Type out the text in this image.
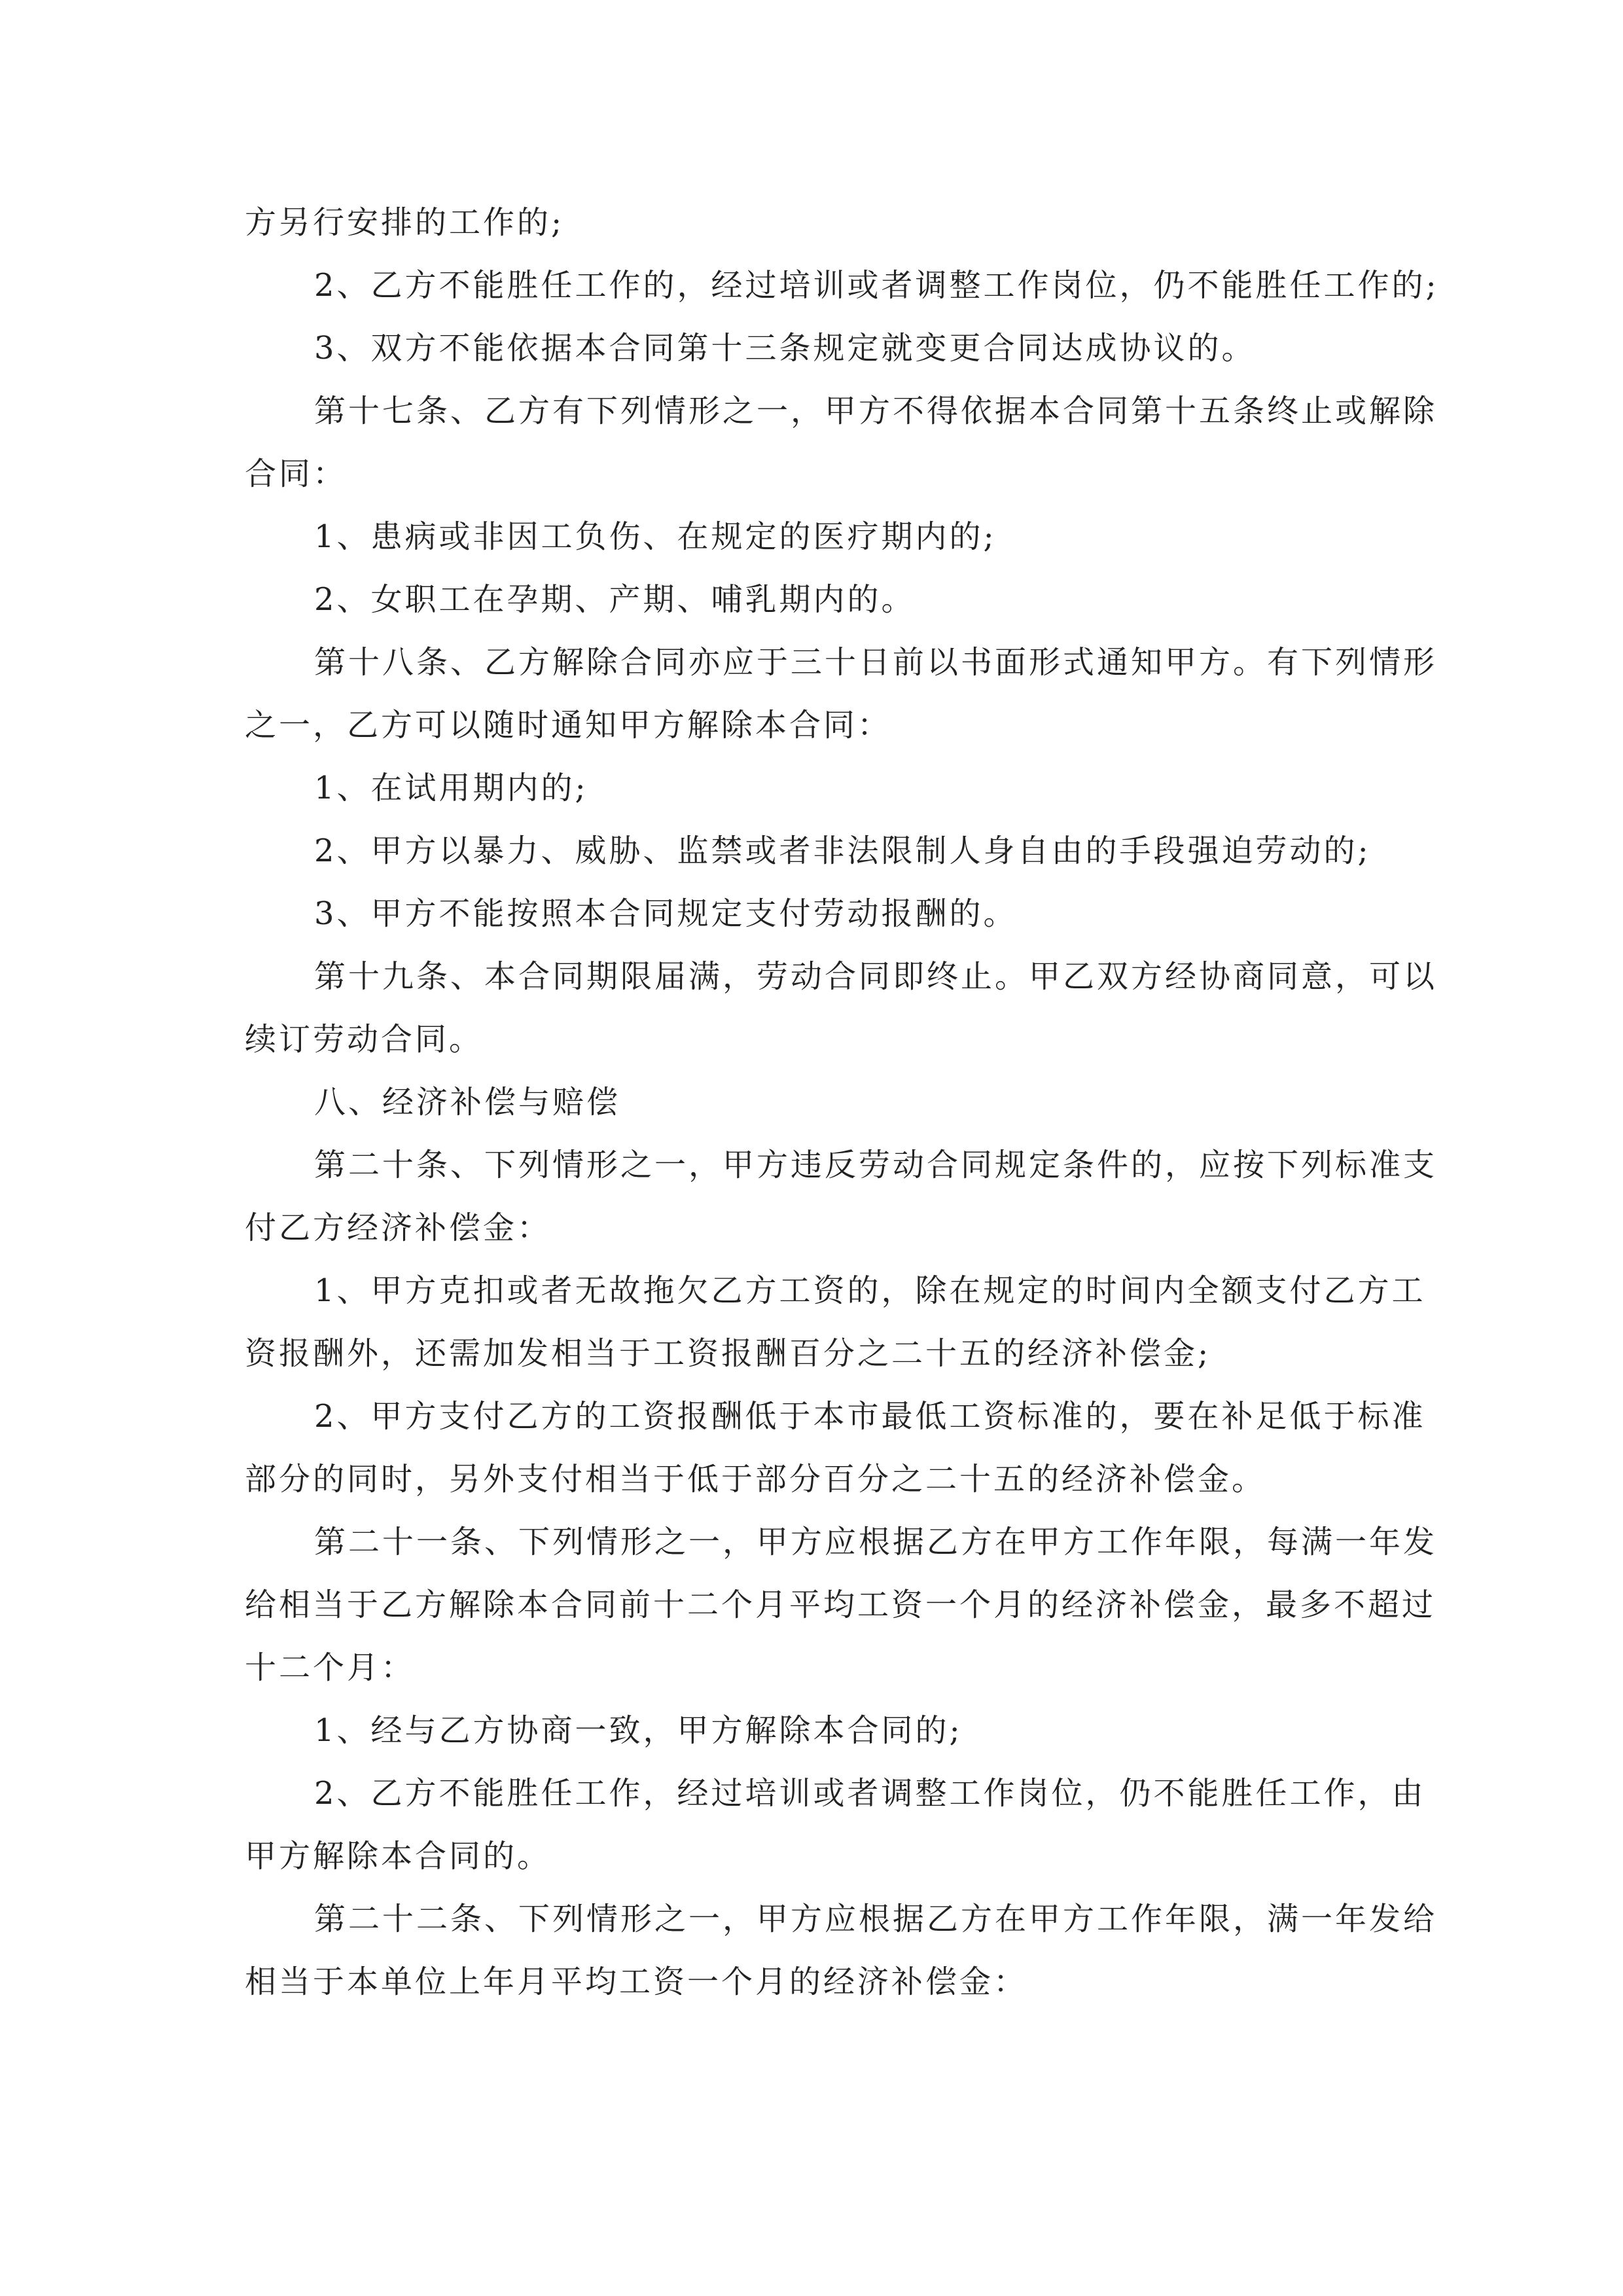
方另行安排的工作的;
2、乙方不能胜任工作的，经过培训或者调整工作岗位，仍不能胜任工作的;
3、双方不能依据本合同第十三条规定就变更合同达成协议的。
第十七条、乙方有下列情形之一，甲方不得依据本合同第十五条终止或解除
合同：
1、患病或非因工负伤、在规定的医疗期内的;
2、女职工在孕期、产期、哺乳期内的。
第十八条、乙方解除合同亦应于三十日前以书面形式通知甲方。有下列情形
之一，乙方可以随时通知甲方解除本合同：
1、在试用期内的;
2、甲方以暴力、威胁、监禁或者非法限制人身自由的手段强迫劳动的;
3、甲方不能按照本合同规定支付劳动报酬的。
第十九条、本合同期限届满，劳动合同即终止。甲乙双方经协商同意，可以
续订劳动合同。
八、经济补偿与赔偿
第二十条、下列情形之一，甲方违反劳动合同规定条件的，应按下列标准支
付乙方经济补偿金：
1、甲方克扣或者无故拖欠乙方工资的，除在规定的时间内全额支付乙方工
资报酬外，还需加发相当于工资报酬百分之二十五的经济补偿金;
2、甲方支付乙方的工资报酬低于本市最低工资标准的，要在补足低于标准
部分的同时，另外支付相当于低于部分百分之二十五的经济补偿金。
第二十一条、下列情形之一，甲方应根据乙方在甲方工作年限，每满一年发
给相当于乙方解除本合同前十二个月平均工资一个月的经济补偿金，最多不超过
十二个月：
1、经与乙方协商一致，甲方解除本合同的;
2、乙方不能胜任工作，经过培训或者调整工作岗位，仍不能胜任工作，由
甲方解除本合同的。
第二十二条、下列情形之一，甲方应根据乙方在甲方工作年限，满一年发给
相当于本单位上年月平均工资一个月的经济补偿金：
